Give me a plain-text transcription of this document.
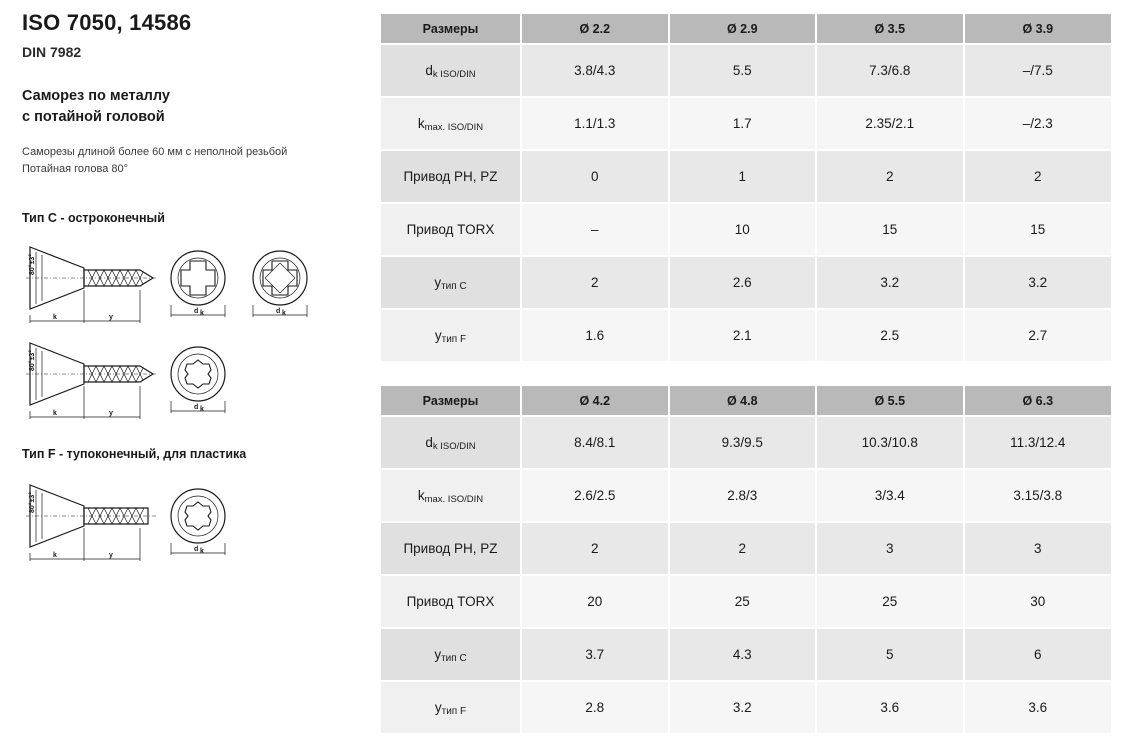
ISO 7050, 14586
DIN 7982
Саморез по металлу
с потайной головой
Саморезы длиной более 60 мм с неполной резьбой
Потайная голова 80°
Тип C - остроконечный
80°±3°
k	y
d k	d k
80°±3°
k	y
d k
Тип F - тупоконечный, для пластика
80°±3°
k	y
d k
Размеры	Ø 2.2	Ø 2.9	Ø 3.5	Ø 3.9
dk ISO/DIN	3.8/4.3	5.5	7.3/6.8	–/7.5
kmax. ISO/DIN	1.1/1.3	1.7	2.35/2.1	–/2.3
Привод PH, PZ	0	1	2	2
Привод TORX	–	10	15	15
yтип C	2	2.6	3.2	3.2
yтип F	1.6	2.1	2.5	2.7
Размеры	Ø 4.2	Ø 4.8	Ø 5.5	Ø 6.3
dk ISO/DIN	8.4/8.1	9.3/9.5	10.3/10.8	11.3/12.4
kmax. ISO/DIN	2.6/2.5	2.8/3	3/3.4	3.15/3.8
Привод PH, PZ	2	2	3	3
Привод TORX	20	25	25	30
yтип C	3.7	4.3	5	6
yтип F	2.8	3.2	3.6	3.6
